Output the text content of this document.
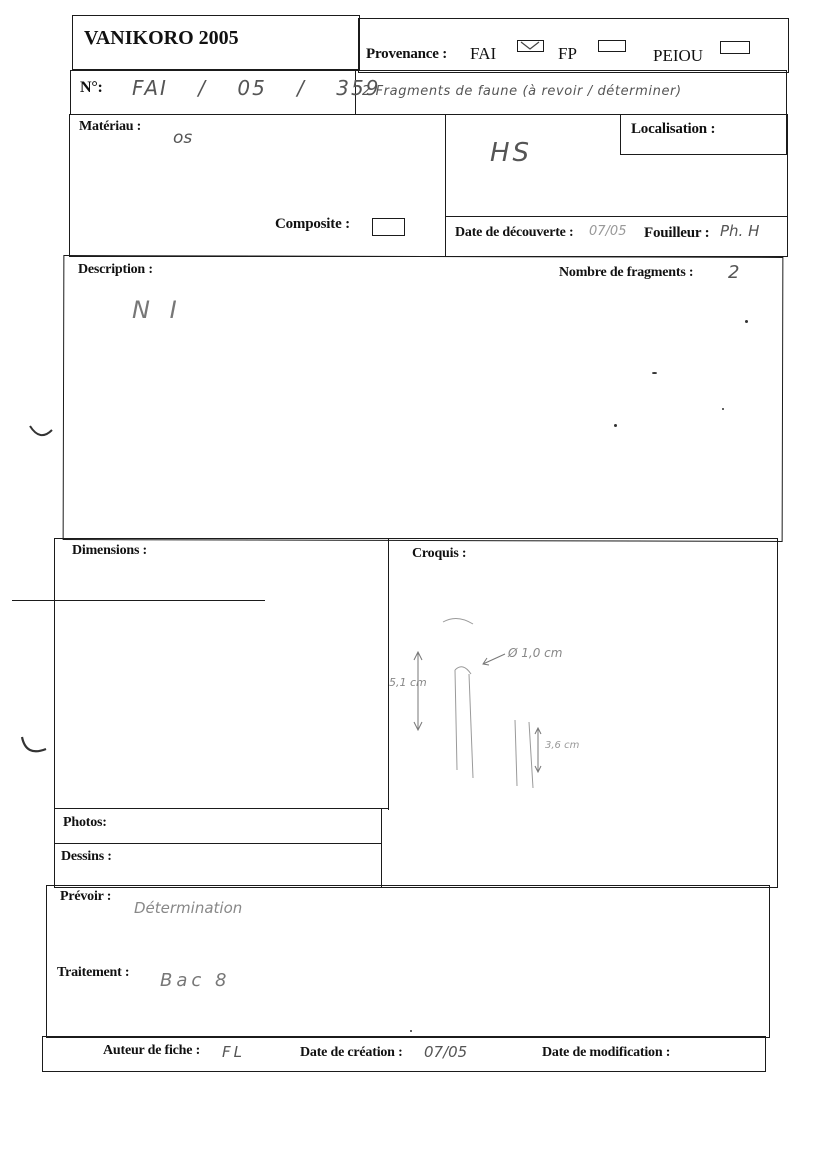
VANIKORO 2005
Provenance : FAI	FP	PEIOU
N°: FAI / 05 / 359
2 Fragments de faune (à revoir / déterminer)
Matériau :
os
Composite :
Localisation :
HS
Date de découverte : 07/05 Fouilleur : Ph. H
Description :
N I
Nombre de fragments : 2
Dimensions :	Croquis :
Ø 1,0 cm
5,1 cm
3,6 cm
Photos:
Dessins :
Prévoir :
Détermination
Traitement : Bac 8
Auteur de fiche : FL	Date de création : 07/05	Date de modification :
